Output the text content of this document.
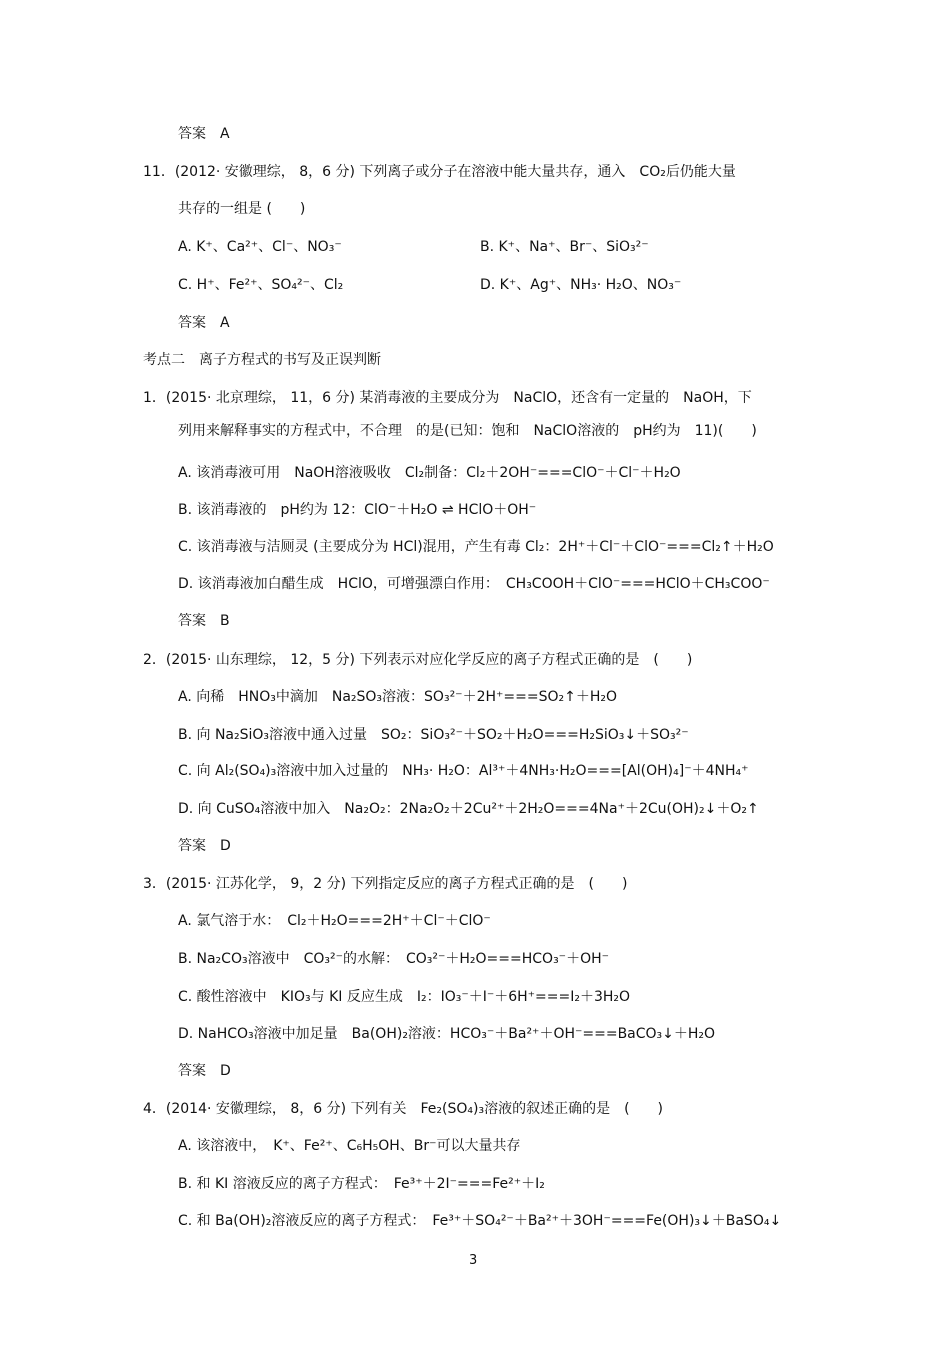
答案　A
11．(2012· 安徽理综， 8，6 分) 下列离子或分子在溶液中能大量共存，通入　CO₂后仍能大量
共存的一组是 (　　)
A. K⁺、Ca²⁺、Cl⁻、NO₃⁻	B. K⁺、Na⁺、Br⁻、SiO₃²⁻
C. H⁺、Fe²⁺、SO₄²⁻、Cl₂	D. K⁺、Ag⁺、NH₃· H₂O、NO₃⁻
答案　A
考点二　离子方程式的书写及正误判断
1．(2015· 北京理综， 11，6 分) 某消毒液的主要成分为　NaClO，还含有一定量的　NaOH，下
列用来解释事实的方程式中，不合理　的是(已知：饱和　NaClO溶液的　pH约为　11)(　　)
A. 该消毒液可用　NaOH溶液吸收　Cl₂制备：Cl₂＋2OH⁻===ClO⁻＋Cl⁻＋H₂O
B. 该消毒液的　pH约为 12：ClO⁻＋H₂O ⇌ HClO＋OH⁻
C. 该消毒液与洁厕灵 (主要成分为 HCl)混用，产生有毒 Cl₂：2H⁺＋Cl⁻＋ClO⁻===Cl₂↑＋H₂O
D. 该消毒液加白醋生成　HClO，可增强漂白作用：　CH₃COOH＋ClO⁻===HClO＋CH₃COO⁻
答案　B
2．(2015· 山东理综， 12，5 分) 下列表示对应化学反应的离子方程式正确的是　(　　)
A. 向稀　HNO₃中滴加　Na₂SO₃溶液：SO₃²⁻＋2H⁺===SO₂↑＋H₂O
B. 向 Na₂SiO₃溶液中通入过量　SO₂：SiO₃²⁻＋SO₂＋H₂O===H₂SiO₃↓＋SO₃²⁻
C. 向 Al₂(SO₄)₃溶液中加入过量的　NH₃· H₂O：Al³⁺＋4NH₃·H₂O===[Al(OH)₄]⁻＋4NH₄⁺
D. 向 CuSO₄溶液中加入　Na₂O₂：2Na₂O₂＋2Cu²⁺＋2H₂O===4Na⁺＋2Cu(OH)₂↓＋O₂↑
答案　D
3．(2015· 江苏化学， 9，2 分) 下列指定反应的离子方程式正确的是　(　　)
A. 氯气溶于水：　Cl₂＋H₂O===2H⁺＋Cl⁻＋ClO⁻
B. Na₂CO₃溶液中　CO₃²⁻的水解：　CO₃²⁻＋H₂O===HCO₃⁻＋OH⁻
C. 酸性溶液中　KIO₃与 KI 反应生成　I₂：IO₃⁻＋I⁻＋6H⁺===I₂＋3H₂O
D. NaHCO₃溶液中加足量　Ba(OH)₂溶液：HCO₃⁻＋Ba²⁺＋OH⁻===BaCO₃↓＋H₂O
答案　D
4．(2014· 安徽理综， 8，6 分) 下列有关　Fe₂(SO₄)₃溶液的叙述正确的是　(　　)
A. 该溶液中，　K⁺、Fe²⁺、C₆H₅OH、Br⁻可以大量共存
B. 和 KI 溶液反应的离子方程式：　Fe³⁺＋2I⁻===Fe²⁺＋I₂
C. 和 Ba(OH)₂溶液反应的离子方程式：　Fe³⁺＋SO₄²⁻＋Ba²⁺＋3OH⁻===Fe(OH)₃↓＋BaSO₄↓
3
